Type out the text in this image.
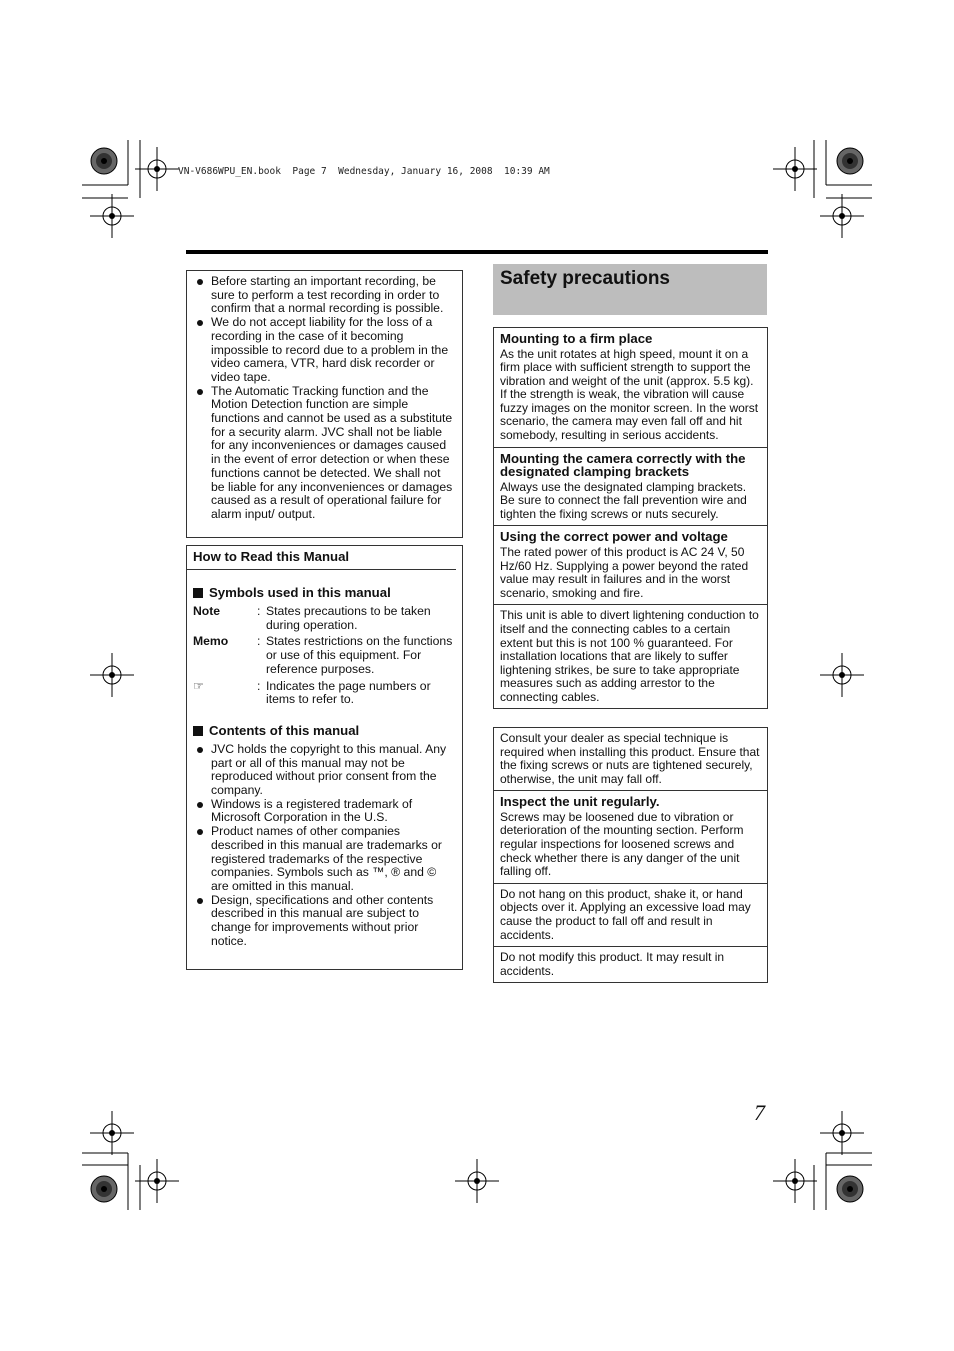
VN-V686WPU_EN.book  Page 7  Wednesday, January 16, 2008  10:39 AM
Before starting an important recording, be sure to perform a test recording in order to confirm that a normal recording is possible.
We do not accept liability for the loss of a recording in the case of it becoming impossible to record due to a problem in the video camera, VTR, hard disk recorder or video tape.
The Automatic Tracking function and the Motion Detection function are simple functions and cannot be used as a substitute for a security alarm. JVC shall not be liable for any inconveniences or damages caused in the event of error detection or when these functions cannot be detected. We shall not be liable for any inconveniences or damages caused as a result of operational failure for alarm input/ output.
How to Read this Manual
Symbols used in this manual
Note	: States precautions to be taken during operation.
Memo	: States restrictions on the functions or use of this equipment. For reference purposes.
☞	: Indicates the page numbers or items to refer to.
Contents of this manual
JVC holds the copyright to this manual. Any part or all of this manual may not be reproduced without prior consent from the company.
Windows is a registered trademark of Microsoft Corporation in the U.S.
Product names of other companies described in this manual are trademarks or registered trademarks of the respective companies. Symbols such as ™, ® and © are omitted in this manual.
Design, specifications and other contents described in this manual are subject to change for improvements without prior notice.
Safety precautions
Mounting to a firm place
As the unit rotates at high speed, mount it on a firm place with sufficient strength to support the vibration and weight of the unit (approx. 5.5 kg). If the strength is weak, the vibration will cause fuzzy images on the monitor screen. In the worst scenario, the camera may even fall off and hit somebody, resulting in serious accidents.
Mounting the camera correctly with the designated clamping brackets
Always use the designated clamping brackets. Be sure to connect the fall prevention wire and tighten the fixing screws or nuts securely.
Using the correct power and voltage
The rated power of this product is AC 24 V, 50 Hz/60 Hz. Supplying a power beyond the rated value may result in failures and in the worst scenario, smoking and fire.
This unit is able to divert lightening conduction to itself and the connecting cables to a certain extent but this is not 100 % guaranteed. For installation locations that are likely to suffer lightening strikes, be sure to take appropriate measures such as adding arrestor to the connecting cables.
Consult your dealer as special technique is required when installing this product. Ensure that the fixing screws or nuts are tightened securely, otherwise, the unit may fall off.
Inspect the unit regularly.
Screws may be loosened due to vibration or deterioration of the mounting section. Perform regular inspections for loosened screws and check whether there is any danger of the unit falling off.
Do not hang on this product, shake it, or hand objects over it. Applying an excessive load may cause the product to fall off and result in accidents.
Do not modify this product. It may result in accidents.
7
